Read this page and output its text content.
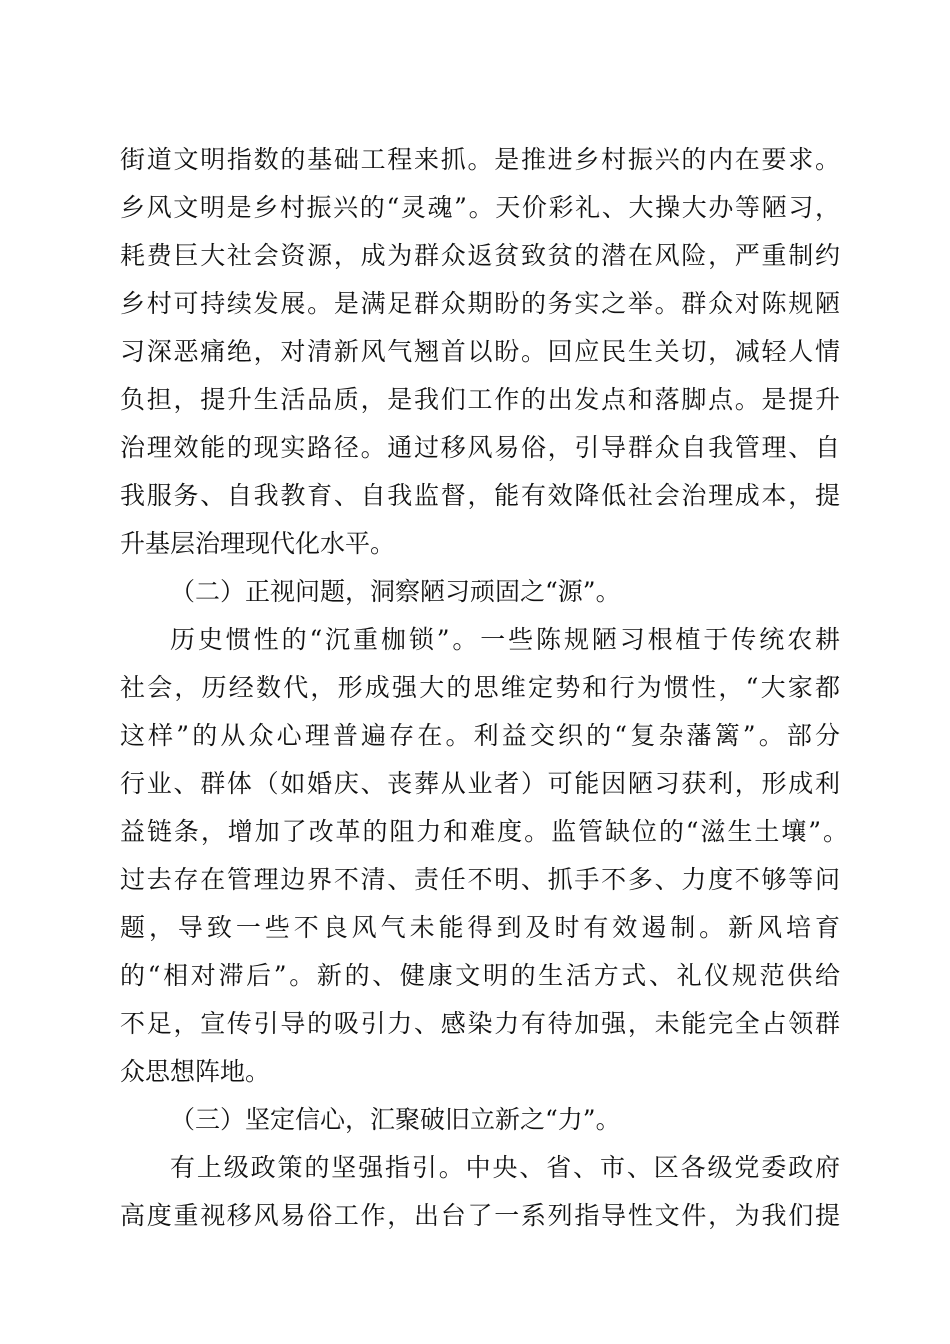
街道文明指数的基础工程来抓。是推进乡村振兴的内在要求。
乡风文明是乡村振兴的“灵魂”。天价彩礼、大操大办等陋习，
耗费巨大社会资源，成为群众返贫致贫的潜在风险，严重制约
乡村可持续发展。是满足群众期盼的务实之举。群众对陈规陋
习深恶痛绝，对清新风气翘首以盼。回应民生关切，减轻人情
负担，提升生活品质，是我们工作的出发点和落脚点。是提升
治理效能的现实路径。通过移风易俗，引导群众自我管理、自
我服务、自我教育、自我监督，能有效降低社会治理成本，提
升基层治理现代化水平。
（二）正视问题，洞察陋习顽固之“源”。
历史惯性的“沉重枷锁”。一些陈规陋习根植于传统农耕
社会，历经数代，形成强大的思维定势和行为惯性，“大家都
这样”的从众心理普遍存在。利益交织的“复杂藩篱”。部分
行业、群体（如婚庆、丧葬从业者）可能因陋习获利，形成利
益链条，增加了改革的阻力和难度。监管缺位的“滋生土壤”。
过去存在管理边界不清、责任不明、抓手不多、力度不够等问
题，导致一些不良风气未能得到及时有效遏制。新风培育
的“相对滞后”。新的、健康文明的生活方式、礼仪规范供给
不足，宣传引导的吸引力、感染力有待加强，未能完全占领群
众思想阵地。
（三）坚定信心，汇聚破旧立新之“力”。
有上级政策的坚强指引。中央、省、市、区各级党委政府
高度重视移风易俗工作，出台了一系列指导性文件，为我们提
